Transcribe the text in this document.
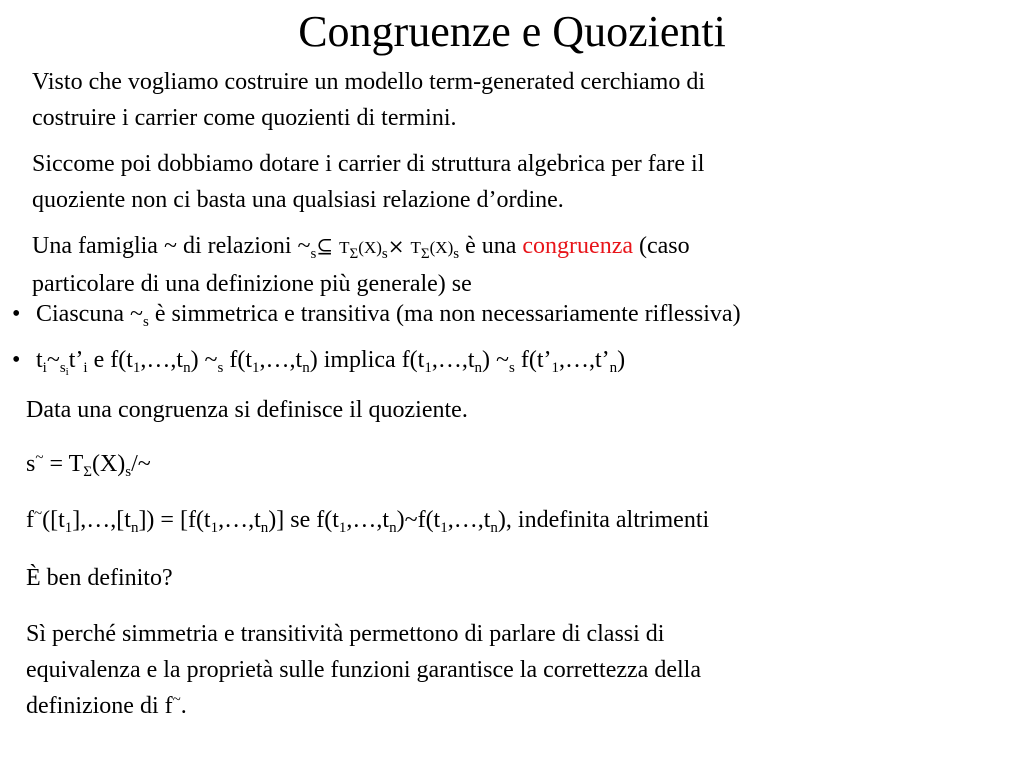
Congruenze e Quozienti
Visto che vogliamo costruire un modello term-generated cerchiamo di
costruire i carrier come quozienti di termini.
Siccome poi dobbiamo dotare i carrier di struttura algebrica per fare il
quoziente non ci basta una qualsiasi relazione d’ordine.
Una famiglia ~ di relazioni $\sim_s⊆$ $T_\Sigma(X)_s\times T_\Sigma(X)_s$ è una congruenza (caso
particolare di una definizione più generale) se
• Ciascuna $\sim_s$ è simmetrica e transitiva (ma non necessariamente riflessiva)
• $t_i\sim_{s_i}t’_i$ e $f(t_1,\dots,t_n)$ $\sim_s$ $f(t_1,\dots,t_n)$ implica $f(t_1,\dots,t_n)$ $\sim_s$ $f(t’_1,\dots,t’_n)$
Data una congruenza si definisce il quoziente.
$s^\sim = T_\Sigma(X)_s/\sim$
$f^\sim([t_1],\dots,[t_n])$ = $[f(t_1,\dots,t_n)]$ se $f(t_1,\dots,t_n)\sim f(t_1,\dots,t_n)$, indefinita altrimenti
È ben definito?
Sì perché simmetria e transitività permettono di parlare di classi di
equivalenza e la proprietà sulle funzioni garantisce la correttezza della
definizione di f~.
